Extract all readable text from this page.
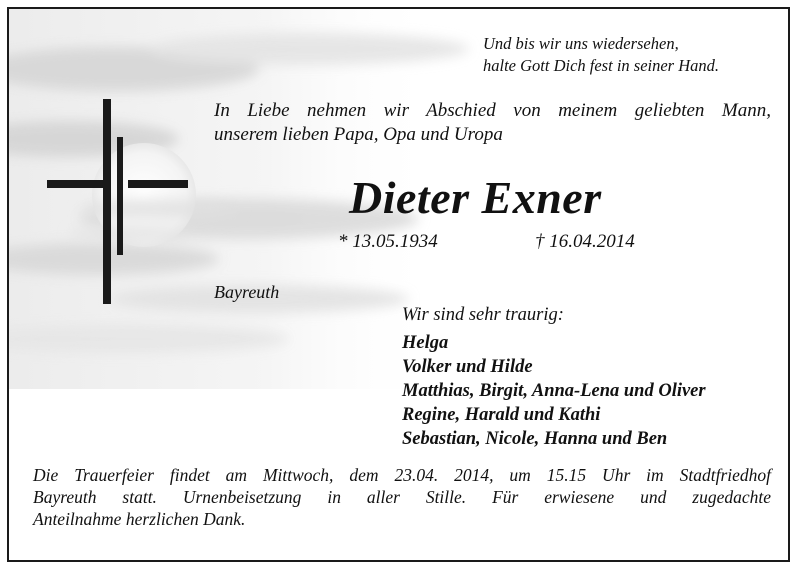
Und bis wir uns wiedersehen,
halte Gott Dich fest in seiner Hand.
In Liebe nehmen wir Abschied von meinem geliebten Mann,
unserem lieben Papa, Opa und Uropa
Dieter Exner
* 13.05.1934	† 16.04.2014
Bayreuth
Wir sind sehr traurig:
Helga
Volker und Hilde
Matthias, Birgit, Anna-Lena und Oliver
Regine, Harald und Kathi
Sebastian, Nicole, Hanna und Ben
Die Trauerfeier findet am Mittwoch, dem 23.04. 2014, um 15.15 Uhr im Stadtfriedhof
Bayreuth statt. Urnenbeisetzung in aller Stille. Für erwiesene und zugedachte
Anteilnahme herzlichen Dank.
